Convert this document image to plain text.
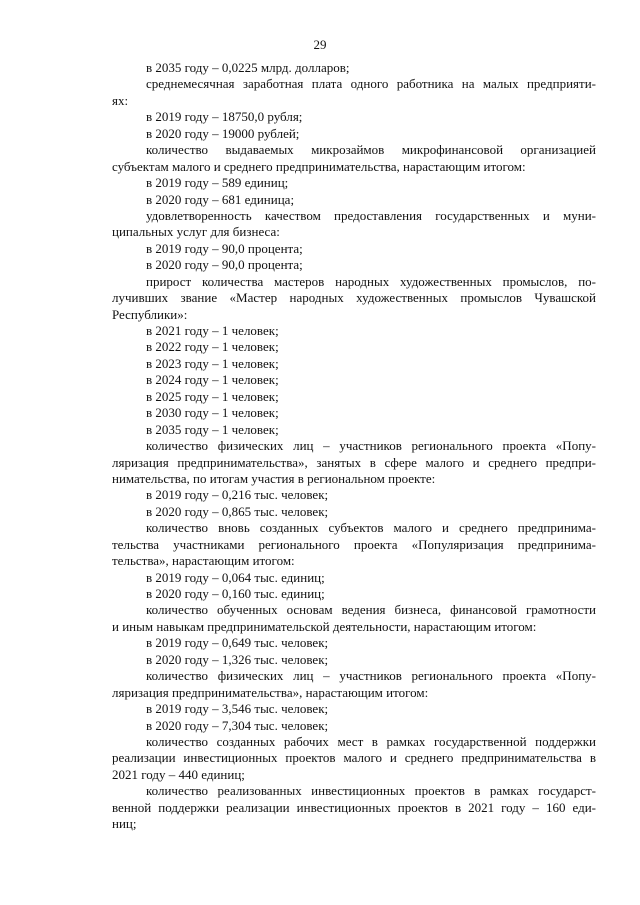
29
в 2035 году – 0,0225 млрд. долларов;
среднемесячная заработная плата одного работника на малых предприяти-
ях:
в 2019 году – 18750,0 рубля;
в 2020 году – 19000 рублей;
количество выдаваемых микрозаймов микрофинансовой организацией
субъектам малого и среднего предпринимательства, нарастающим итогом:
в 2019 году – 589 единиц;
в 2020 году – 681 единица;
удовлетворенность качеством предоставления государственных и муни-
ципальных услуг для бизнеса:
в 2019 году – 90,0 процента;
в 2020 году – 90,0 процента;
прирост количества мастеров народных художественных промыслов, по-
лучивших звание «Мастер народных художественных промыслов Чувашской
Республики»:
в 2021 году – 1 человек;
в 2022 году – 1 человек;
в 2023 году – 1 человек;
в 2024 году – 1 человек;
в 2025 году – 1 человек;
в 2030 году – 1 человек;
в 2035 году – 1 человек;
количество физических лиц – участников регионального проекта «Попу-
ляризация предпринимательства», занятых в сфере малого и среднего предпри-
нимательства, по итогам участия в региональном проекте:
в 2019 году – 0,216 тыс. человек;
в 2020 году – 0,865 тыс. человек;
количество вновь созданных субъектов малого и среднего предпринима-
тельства участниками регионального проекта «Популяризация предпринима-
тельства», нарастающим итогом:
в 2019 году – 0,064 тыс. единиц;
в 2020 году – 0,160 тыс. единиц;
количество обученных основам ведения бизнеса, финансовой грамотности
и иным навыкам предпринимательской деятельности, нарастающим итогом:
в 2019 году – 0,649 тыс. человек;
в 2020 году – 1,326 тыс. человек;
количество физических лиц – участников регионального проекта «Попу-
ляризация предпринимательства», нарастающим итогом:
в 2019 году – 3,546 тыс. человек;
в 2020 году – 7,304 тыс. человек;
количество созданных рабочих мест в рамках государственной поддержки
реализации инвестиционных проектов малого и среднего предпринимательства в
2021 году – 440 единиц;
количество реализованных инвестиционных проектов в рамках государст-
венной поддержки реализации инвестиционных проектов в 2021 году – 160 еди-
ниц;
